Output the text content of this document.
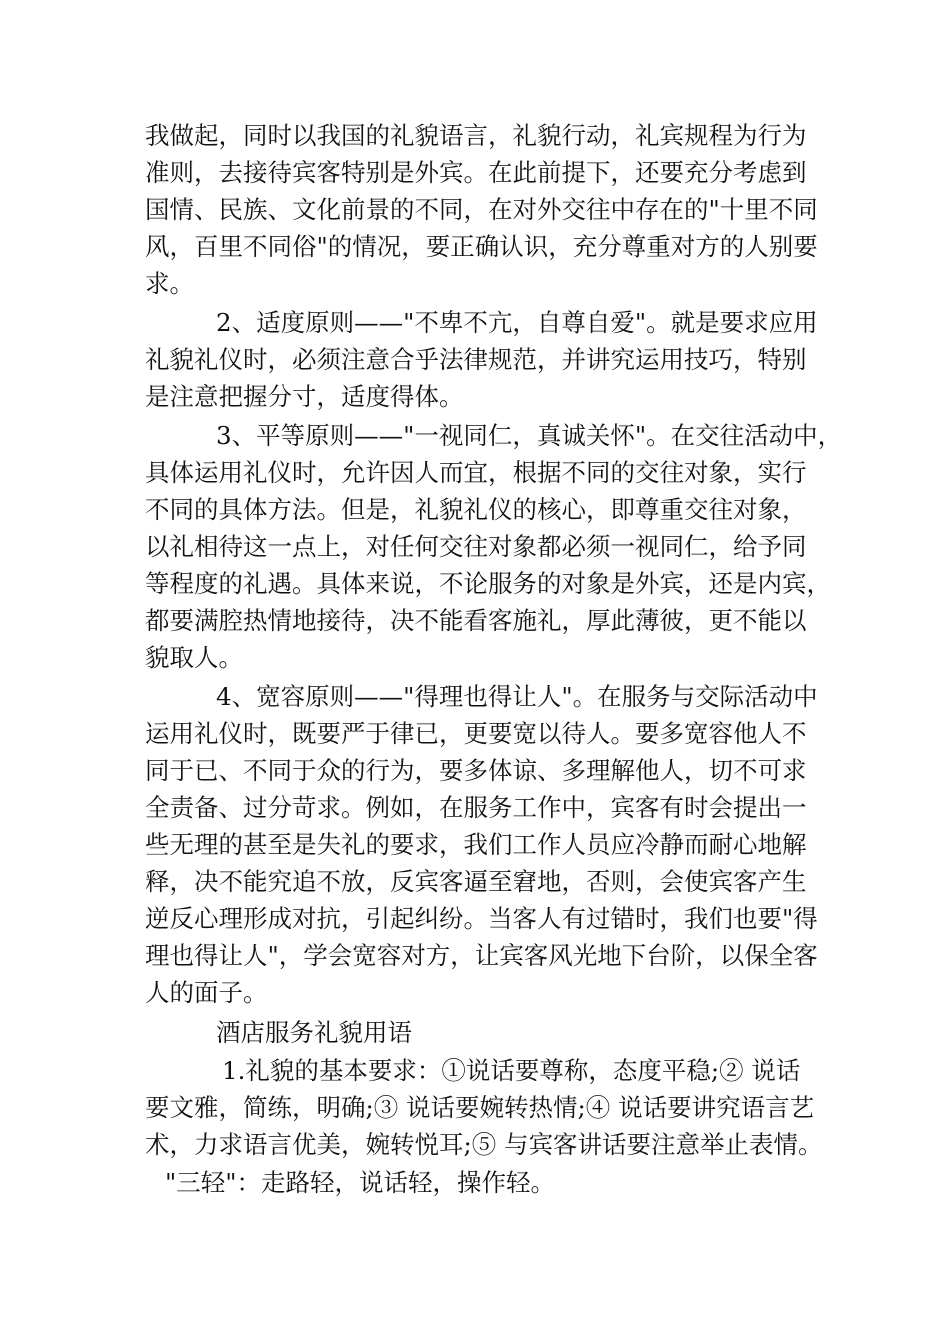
我做起，同时以我国的礼貌语言，礼貌行动，礼宾规程为行为
准则，去接待宾客特别是外宾。在此前提下，还要充分考虑到
国情、民族、文化前景的不同，在对外交往中存在的"十里不同
风，百里不同俗"的情况，要正确认识，充分尊重对方的人别要
求。
2、适度原则——"不卑不亢，自尊自爱"。就是要求应用
礼貌礼仪时，必须注意合乎法律规范，并讲究运用技巧，特别
是注意把握分寸，适度得体。
3、平等原则——"一视同仁，真诚关怀"。在交往活动中，
具体运用礼仪时，允许因人而宜，根据不同的交往对象，实行
不同的具体方法。但是，礼貌礼仪的核心，即尊重交往对象，
以礼相待这一点上，对任何交往对象都必须一视同仁，给予同
等程度的礼遇。具体来说，不论服务的对象是外宾，还是内宾，
都要满腔热情地接待，决不能看客施礼，厚此薄彼，更不能以
貌取人。
4、宽容原则——"得理也得让人"。在服务与交际活动中
运用礼仪时，既要严于律已，更要宽以待人。要多宽容他人不
同于已、不同于众的行为，要多体谅、多理解他人，切不可求
全责备、过分苛求。例如，在服务工作中，宾客有时会提出一
些无理的甚至是失礼的要求，我们工作人员应冷静而耐心地解
释，决不能究追不放，反宾客逼至窘地，否则，会使宾客产生
逆反心理形成对抗，引起纠纷。当客人有过错时，我们也要"得
理也得让人"，学会宽容对方，让宾客风光地下台阶，以保全客
人的面子。
酒店服务礼貌用语
1.礼貌的基本要求：①说话要尊称，态度平稳;② 说话
要文雅，简练，明确;③ 说话要婉转热情;④ 说话要讲究语言艺
术，力求语言优美，婉转悦耳;⑤ 与宾客讲话要注意举止表情。
"三轻"：走路轻，说话轻，操作轻。
